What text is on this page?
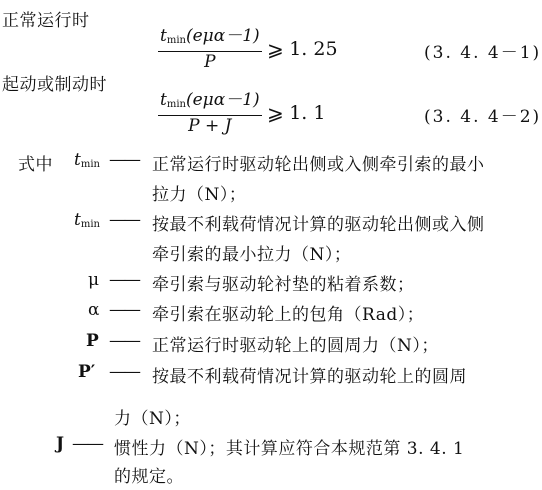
正常运行时
$\frac{t_{min}(e\mu\alpha-1)}{P}$ ⩾ 1. 25	(3. 4. 4－1)
起动或制动时
$\frac{t_{min}(e\mu\alpha-1)}{P + J}$ ⩾ 1. 1	(3. 4. 4－2)
式中 $t_{min}$ —— 正常运行时驱动轮出侧或入侧牵引索的最小
拉力（N）；
$t_{min}$ —— 按最不利载荷情况计算的驱动轮出侧或入侧
牵引索的最小拉力（N）；
μ —— 牵引索与驱动轮衬垫的粘着系数；
α —— 牵引索在驱动轮上的包角（Rad）；
P —— 正常运行时驱动轮上的圆周力（N）；
P′ —— 按最不利载荷情况计算的驱动轮上的圆周
力（N）；
J —— 惯性力（N）；其计算应符合本规范第 3. 4. 1
的规定。
